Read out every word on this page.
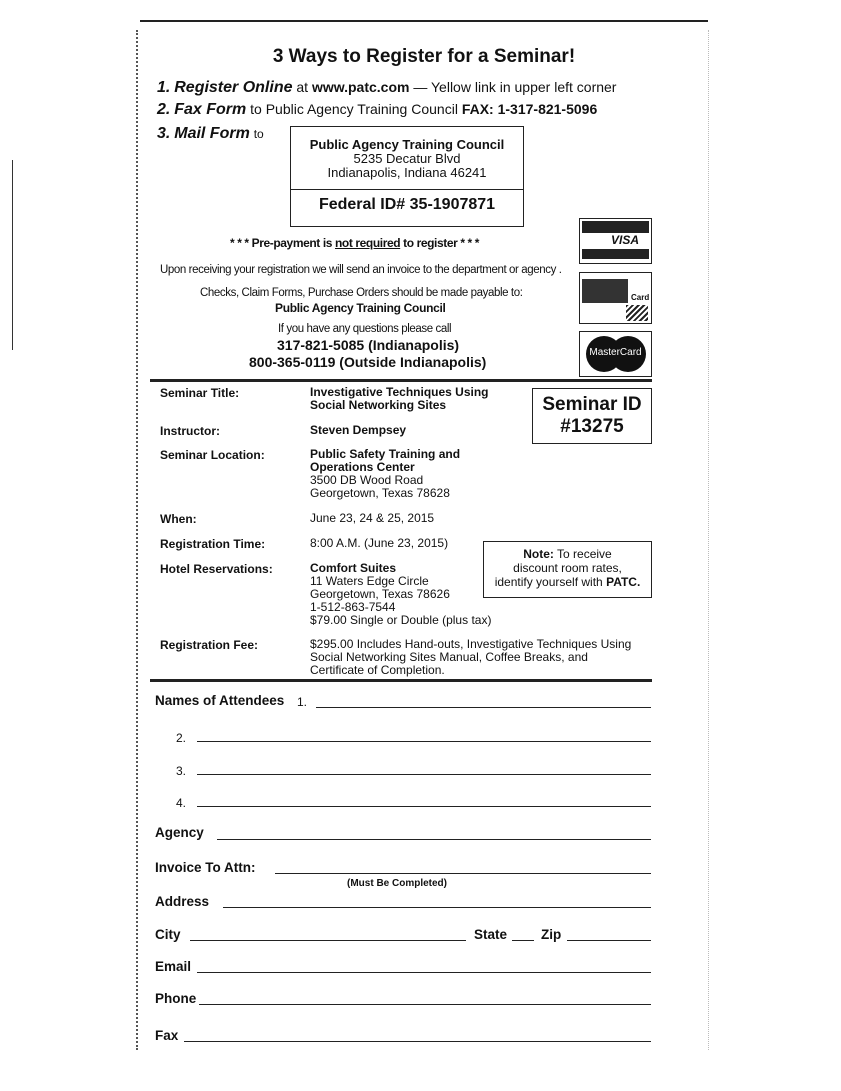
3 Ways to Register for a Seminar!
1. Register Online at www.patc.com — Yellow link in upper left corner
2. Fax Form to Public Agency Training Council FAX: 1-317-821-5096
3. Mail Form to
Public Agency Training Council
5235 Decatur Blvd
Indianapolis, Indiana 46241
Federal ID# 35-1907871
* * * Pre-payment is not required to register * * *
Upon receiving your registration we will send an invoice to the department or agency .
Checks, Claim Forms, Purchase Orders should be made payable to:
Public Agency Training Council
If you have any questions please call
317-821-5085 (Indianapolis)
800-365-0119 (Outside Indianapolis)
VISA
Card
MasterCard
Seminar Title:	Investigative Techniques Using
Social Networking Sites	Seminar ID
#13275
Instructor:	Steven Dempsey
Seminar Location:	Public Safety Training and
Operations Center
3500 DB Wood Road
Georgetown, Texas 78628
When:	June 23, 24 & 25, 2015
Registration Time:	8:00 A.M. (June 23, 2015)
Hotel Reservations:	Comfort Suites
11 Waters Edge Circle
Georgetown, Texas 78626
1-512-863-7544
$79.00 Single or Double (plus tax)
Note: To receive
discount room rates,
identify yourself with PATC.
Registration Fee:	$295.00 Includes Hand-outs, Investigative Techniques Using
Social Networking Sites Manual, Coffee Breaks, and
Certificate of Completion.
Names of Attendees 1.
2.
3.
4.
Agency
Invoice To Attn:
(Must Be Completed)
Address
City	State	Zip
Email
Phone
Fax
